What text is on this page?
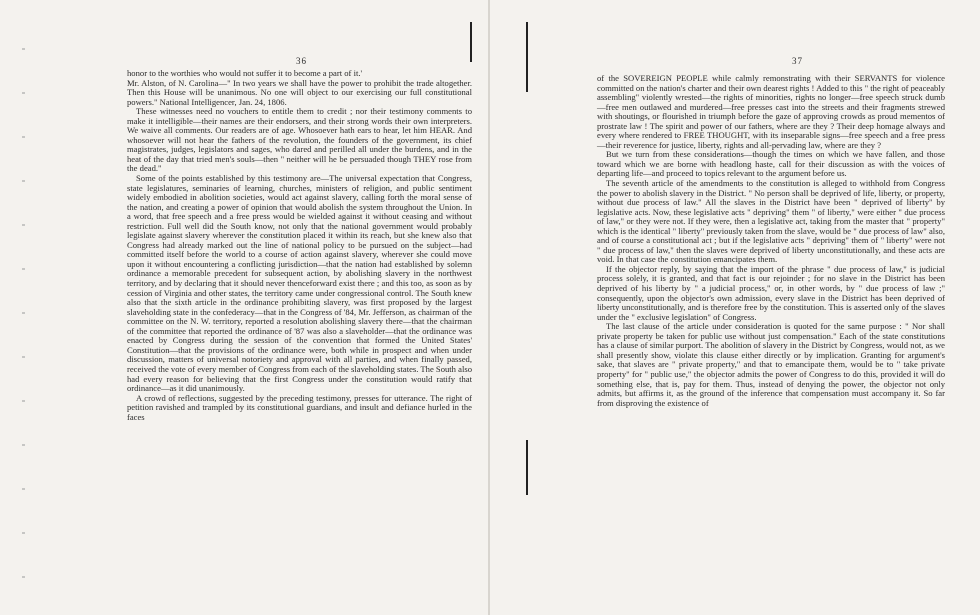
36

honor to the worthies who would not suffer it to become a part of it.'

Mr. Alston, of N. Carolina—" In two years we shall have the power to prohibit the trade altogether. Then this House will be unanimous. No one will object to our exercising our full constitutional powers." National Intelligencer, Jan. 24, 1806.

These witnesses need no vouchers to entitle them to credit ; nor their testimony comments to make it intelligible—their names are their endorsers, and their strong words their own interpreters. We waive all comments. Our readers are of age. Whosoever hath ears to hear, let him HEAR. And whosoever will not hear the fathers of the revolution, the founders of the government, its chief magistrates, judges, legislators and sages, who dared and perilled all under the burdens, and in the heat of the day that tried men's souls—then " neither will he be persuaded though THEY rose from the dead."

Some of the points established by this testimony are—The universal expectation that Congress, state legislatures, seminaries of learning, churches, ministers of religion, and public sentiment widely embodied in abolition societies, would act against slavery, calling forth the moral sense of the nation, and creating a power of opinion that would abolish the system throughout the Union. In a word, that free speech and a free press would be wielded against it without ceasing and without restriction. Full well did the South know, not only that the national government would probably legislate against slavery wherever the constitution placed it within its reach, but she knew also that Congress had already marked out the line of national policy to be pursued on the subject—had committed itself before the world to a course of action against slavery, wherever she could move upon it without encountering a conflicting jurisdiction—that the nation had established by solemn ordinance a memorable precedent for subsequent action, by abolishing slavery in the northwest territory, and by declaring that it should never thenceforward exist there ; and this too, as soon as by cession of Virginia and other states, the territory came under congressional control. The South knew also that the sixth article in the ordinance prohibiting slavery, was first proposed by the largest slaveholding state in the confederacy—that in the Congress of '84, Mr. Jefferson, as chairman of the committee on the N. W. territory, reported a resolution abolishing slavery there—that the chairman of the committee that reported the ordinance of '87 was also a slaveholder—that the ordinance was enacted by Congress during the session of the convention that formed the United States' Constitution—that the provisions of the ordinance were, both while in prospect and when under discussion, matters of universal notoriety and approval with all parties, and when finally passed, received the vote of every member of Congress from each of the slaveholding states. The South also had every reason for believing that the first Congress under the constitution would ratify that ordinance—as it did unanimously.

A crowd of reflections, suggested by the preceding testimony, presses for utterance. The right of petition ravished and trampled by its constitutional guardians, and insult and defiance hurled in the faces

37

of the SOVEREIGN PEOPLE while calmly remonstrating with their SERVANTS for violence committed on the nation's charter and their own dearest rights ! Added to this " the right of peaceably assembling" violently wrested—the rights of minorities, rights no longer—free speech struck dumb—free men outlawed and murdered—free presses cast into the streets and their fragments strewed with shoutings, or flourished in triumph before the gaze of approving crowds as proud mementos of prostrate law ! The spirit and power of our fathers, where are they ? Their deep homage always and every where rendered to FREE THOUGHT, with its inseparable signs—free speech and a free press—their reverence for justice, liberty, rights and all-pervading law, where are they ?

But we turn from these considerations—though the times on which we have fallen, and those toward which we are borne with headlong haste, call for their discussion as with the voices of departing life—and proceed to topics relevant to the argument before us.

The seventh article of the amendments to the constitution is alleged to withhold from Congress the power to abolish slavery in the District. " No person shall be deprived of life, liberty, or property, without due process of law." All the slaves in the District have been " deprived of liberty" by legislative acts. Now, these legislative acts " depriving" them " of liberty," were either " due process of law," or they were not. If they were, then a legislative act, taking from the master that " property" which is the identical " liberty" previously taken from the slave, would be " due process of law" also, and of course a constitutional act ; but if the legislative acts " depriving" them of " liberty" were not " due process of law," then the slaves were deprived of liberty unconstitutionally, and these acts are void. In that case the constitution emancipates them.

If the objector reply, by saying that the import of the phrase " due process of law," is judicial process solely, it is granted, and that fact is our rejoinder ; for no slave in the District has been deprived of his liberty by " a judicial process," or, in other words, by " due process of law ;" consequently, upon the objector's own admission, every slave in the District has been deprived of liberty unconstitutionally, and is therefore free by the constitution. This is asserted only of the slaves under the " exclusive legislation" of Congress.

The last clause of the article under consideration is quoted for the same purpose : " Nor shall private property be taken for public use without just compensation." Each of the state constitutions has a clause of similar purport. The abolition of slavery in the District by Congress, would not, as we shall presently show, violate this clause either directly or by implication. Granting for argument's sake, that slaves are " private property," and that to emancipate them, would be to " take private property" for " public use," the objector admits the power of Congress to do this, provided it will do something else, that is, pay for them. Thus, instead of denying the power, the objector not only admits, but affirms it, as the ground of the inference that compensation must accompany it. So far from disproving the existence of
